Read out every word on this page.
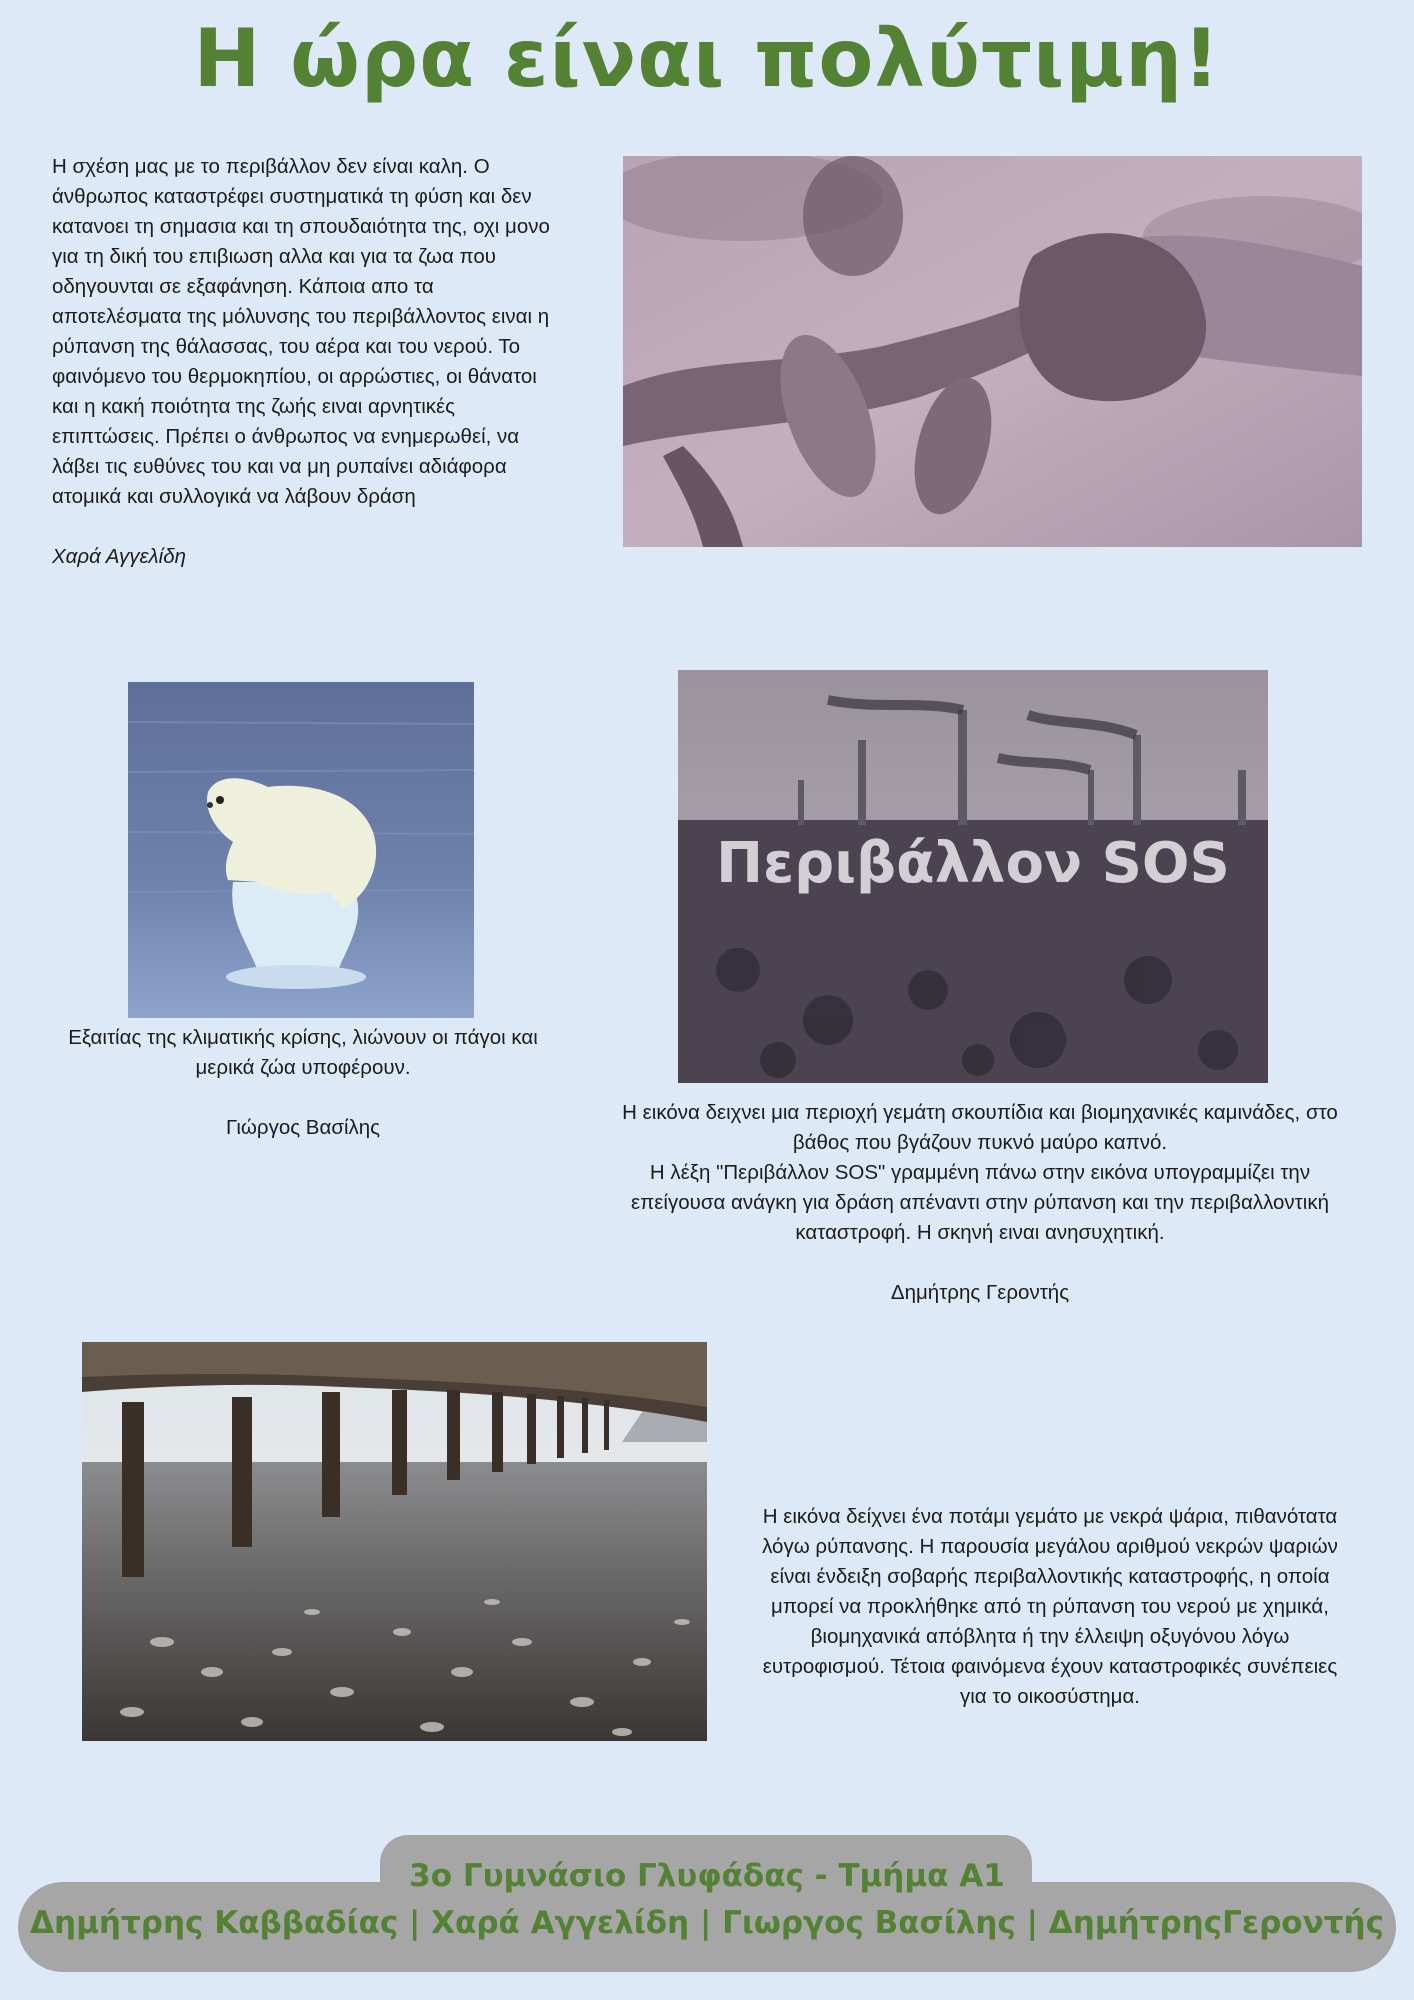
Η ώρα είναι πολύτιμη!

Η σχέση μας με το περιβάλλον δεν είναι καλη. Ο άνθρωπος καταστρέφει συστηματικά τη φύση και δεν κατανοει τη σημασια και τη σπουδαιότητα της, οχι μονο για τη δική του επιβιωση αλλα και για τα ζωα που οδηγουνται σε εξαφάνηση. Κάποια απο τα αποτελέσματα της μόλυνσης του περιβάλλοντος ειναι η ρύπανση της θάλασσας, του αέρα και του νερού. Το φαινόμενο του θερμοκηπίου, οι αρρώστιες, οι θάνατοι και η κακή ποιότητα της ζωής ειναι αρνητικές επιπτώσεις. Πρέπει ο άνθρωπος να ενημερωθεί, να λάβει τις ευθύνες του και να μη ρυπαίνει αδιάφορα ατομικά και συλλογικά να λάβουν δράση

Χαρά Αγγελίδη

Εξαιτίας της κλιματικής κρίσης, λιώνουν οι πάγοι και μερικά ζώα υποφέρουν.
Γιώργος Βασίλης
Περιβάλλον SOS
Η εικόνα δειχνει μια περιοχή γεμάτη σκουπίδια και βιομηχανικές καμινάδες, στο βάθος που βγάζουν πυκνό μαύρο καπνό.
Η λέξη "Περιβάλλον SOS" γραμμένη πάνω στην εικόνα υπογραμμίζει την επείγουσα ανάγκη για δράση απέναντι στην ρύπανση και την περιβαλλοντική καταστροφή. Η σκηνή ειναι ανησυχητική.
Δημήτρης Γεροντής
Η εικόνα δείχνει ένα ποτάμι γεμάτο με νεκρά ψάρια, πιθανότατα λόγω ρύπανσης. Η παρουσία μεγάλου αριθμού νεκρών ψαριών είναι ένδειξη σοβαρής περιβαλλοντικής καταστροφής, η οποία μπορεί να προκλήθηκε από τη ρύπανση του νερού με χημικά, βιομηχανικά απόβλητα ή την έλλειψη οξυγόνου λόγω ευτροφισμού. Τέτοια φαινόμενα έχουν καταστροφικές συνέπειες για το οικοσύστημα.
3ο Γυμνάσιο Γλυφάδας - Τμήμα Α1
Δημήτρης Καββαδίας | Χαρά Αγγελίδη | Γιωργος Βασίλης | ΔημήτρηςΓεροντής
